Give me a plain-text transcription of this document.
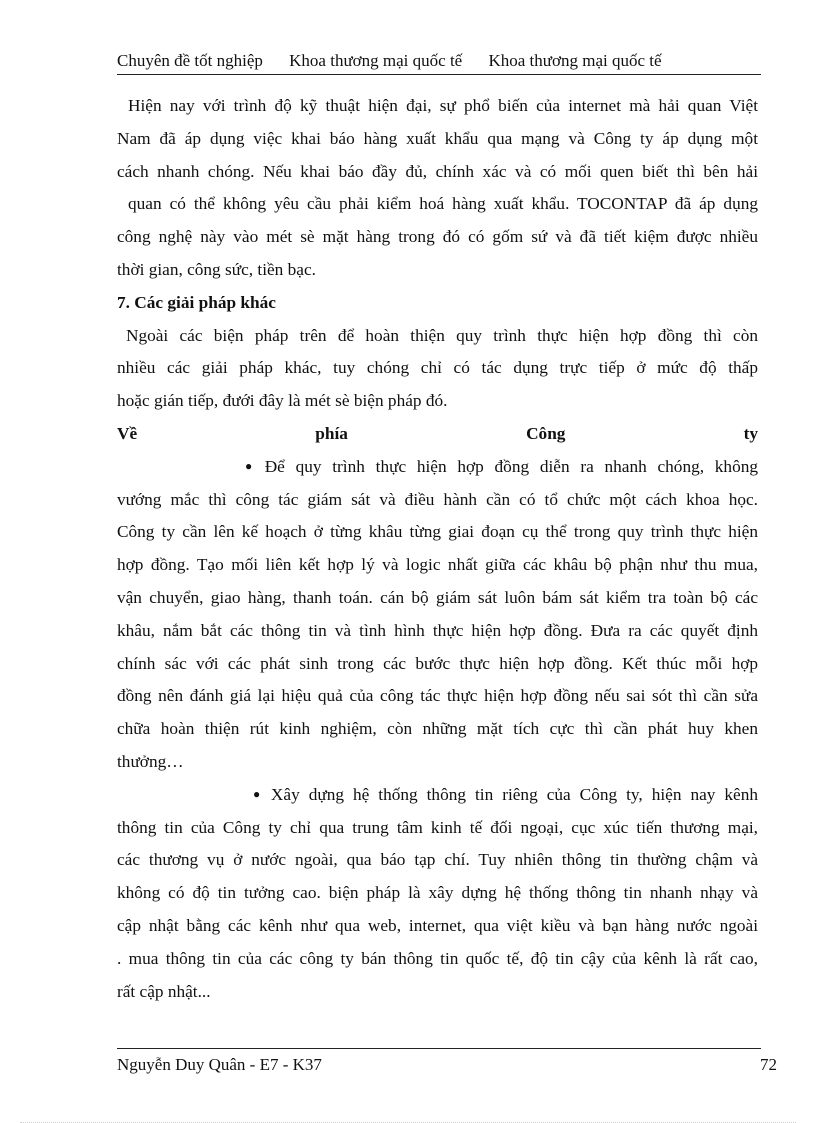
Chuyên đề tốt nghiệp Khoa thương mại quốc tế Khoa thương mại quốc tế
Hiện nay với trình độ kỹ thuật hiện đại, sự phổ biến của internet mà hải quan Việt
Nam đã áp dụng việc khai báo hàng xuất khẩu qua mạng và Công ty áp dụng một
cách nhanh chóng. Nếu khai báo đầy đủ, chính xác và có mối quen biết thì bên hải
quan có thể không yêu cầu phải kiểm hoá hàng xuất khẩu. TOCONTAP đã áp dụng
công nghệ này vào mét sè mặt hàng trong đó có gốm sứ và đã tiết kiệm được nhiều
thời gian, công sức, tiền bạc.
7. Các giải pháp khác
Ngoài các biện pháp trên để hoàn thiện quy trình thực hiện hợp đồng thì còn
nhiều các giải pháp khác, tuy chóng chỉ có tác dụng trực tiếp ở mức độ thấp
hoặc gián tiếp, đưới đây là mét sè biện pháp đó.
Về	phía	Công	ty
● Để quy trình thực hiện hợp đồng diễn ra nhanh chóng, không
vướng mắc thì công tác giám sát và điều hành cần có tổ chức một cách khoa học.
Công ty cần lên kế hoạch ở từng khâu từng giai đoạn cụ thể trong quy trình thực hiện
hợp đồng. Tạo mối liên kết hợp lý và logic nhất giữa các khâu bộ phận như thu mua,
vận chuyển, giao hàng, thanh toán. cán bộ giám sát luôn bám sát kiểm tra toàn bộ các
khâu, nắm bắt các thông tin và tình hình thực hiện hợp đồng. Đưa ra các quyết định
chính sác với các phát sinh trong các bước thực hiện hợp đồng. Kết thúc mỗi hợp
đồng nên đánh giá lại hiệu quả của công tác thực hiện hợp đồng nếu sai sót thì cần sửa
chữa hoàn thiện rút kinh nghiệm, còn những mặt tích cực thì cần phát huy khen
thưởng…
● Xây dựng hệ thống thông tin riêng của Công ty, hiện nay kênh
thông tin của Công ty chỉ qua trung tâm kinh tế đối ngoại, cục xúc tiến thương mại,
các thương vụ ở nước ngoài, qua báo tạp chí. Tuy nhiên thông tin thường chậm và
không có độ tin tưởng cao. biện pháp là xây dựng hệ thống thông tin nhanh nhạy và
cập nhật bằng các kênh như qua web, internet, qua việt kiều và bạn hàng nước ngoài
. mua thông tin của các công ty bán thông tin quốc tế, độ tin cậy của kênh là rất cao,
rất cập nhật...
Nguyễn Duy Quân - E7 - K37	72
